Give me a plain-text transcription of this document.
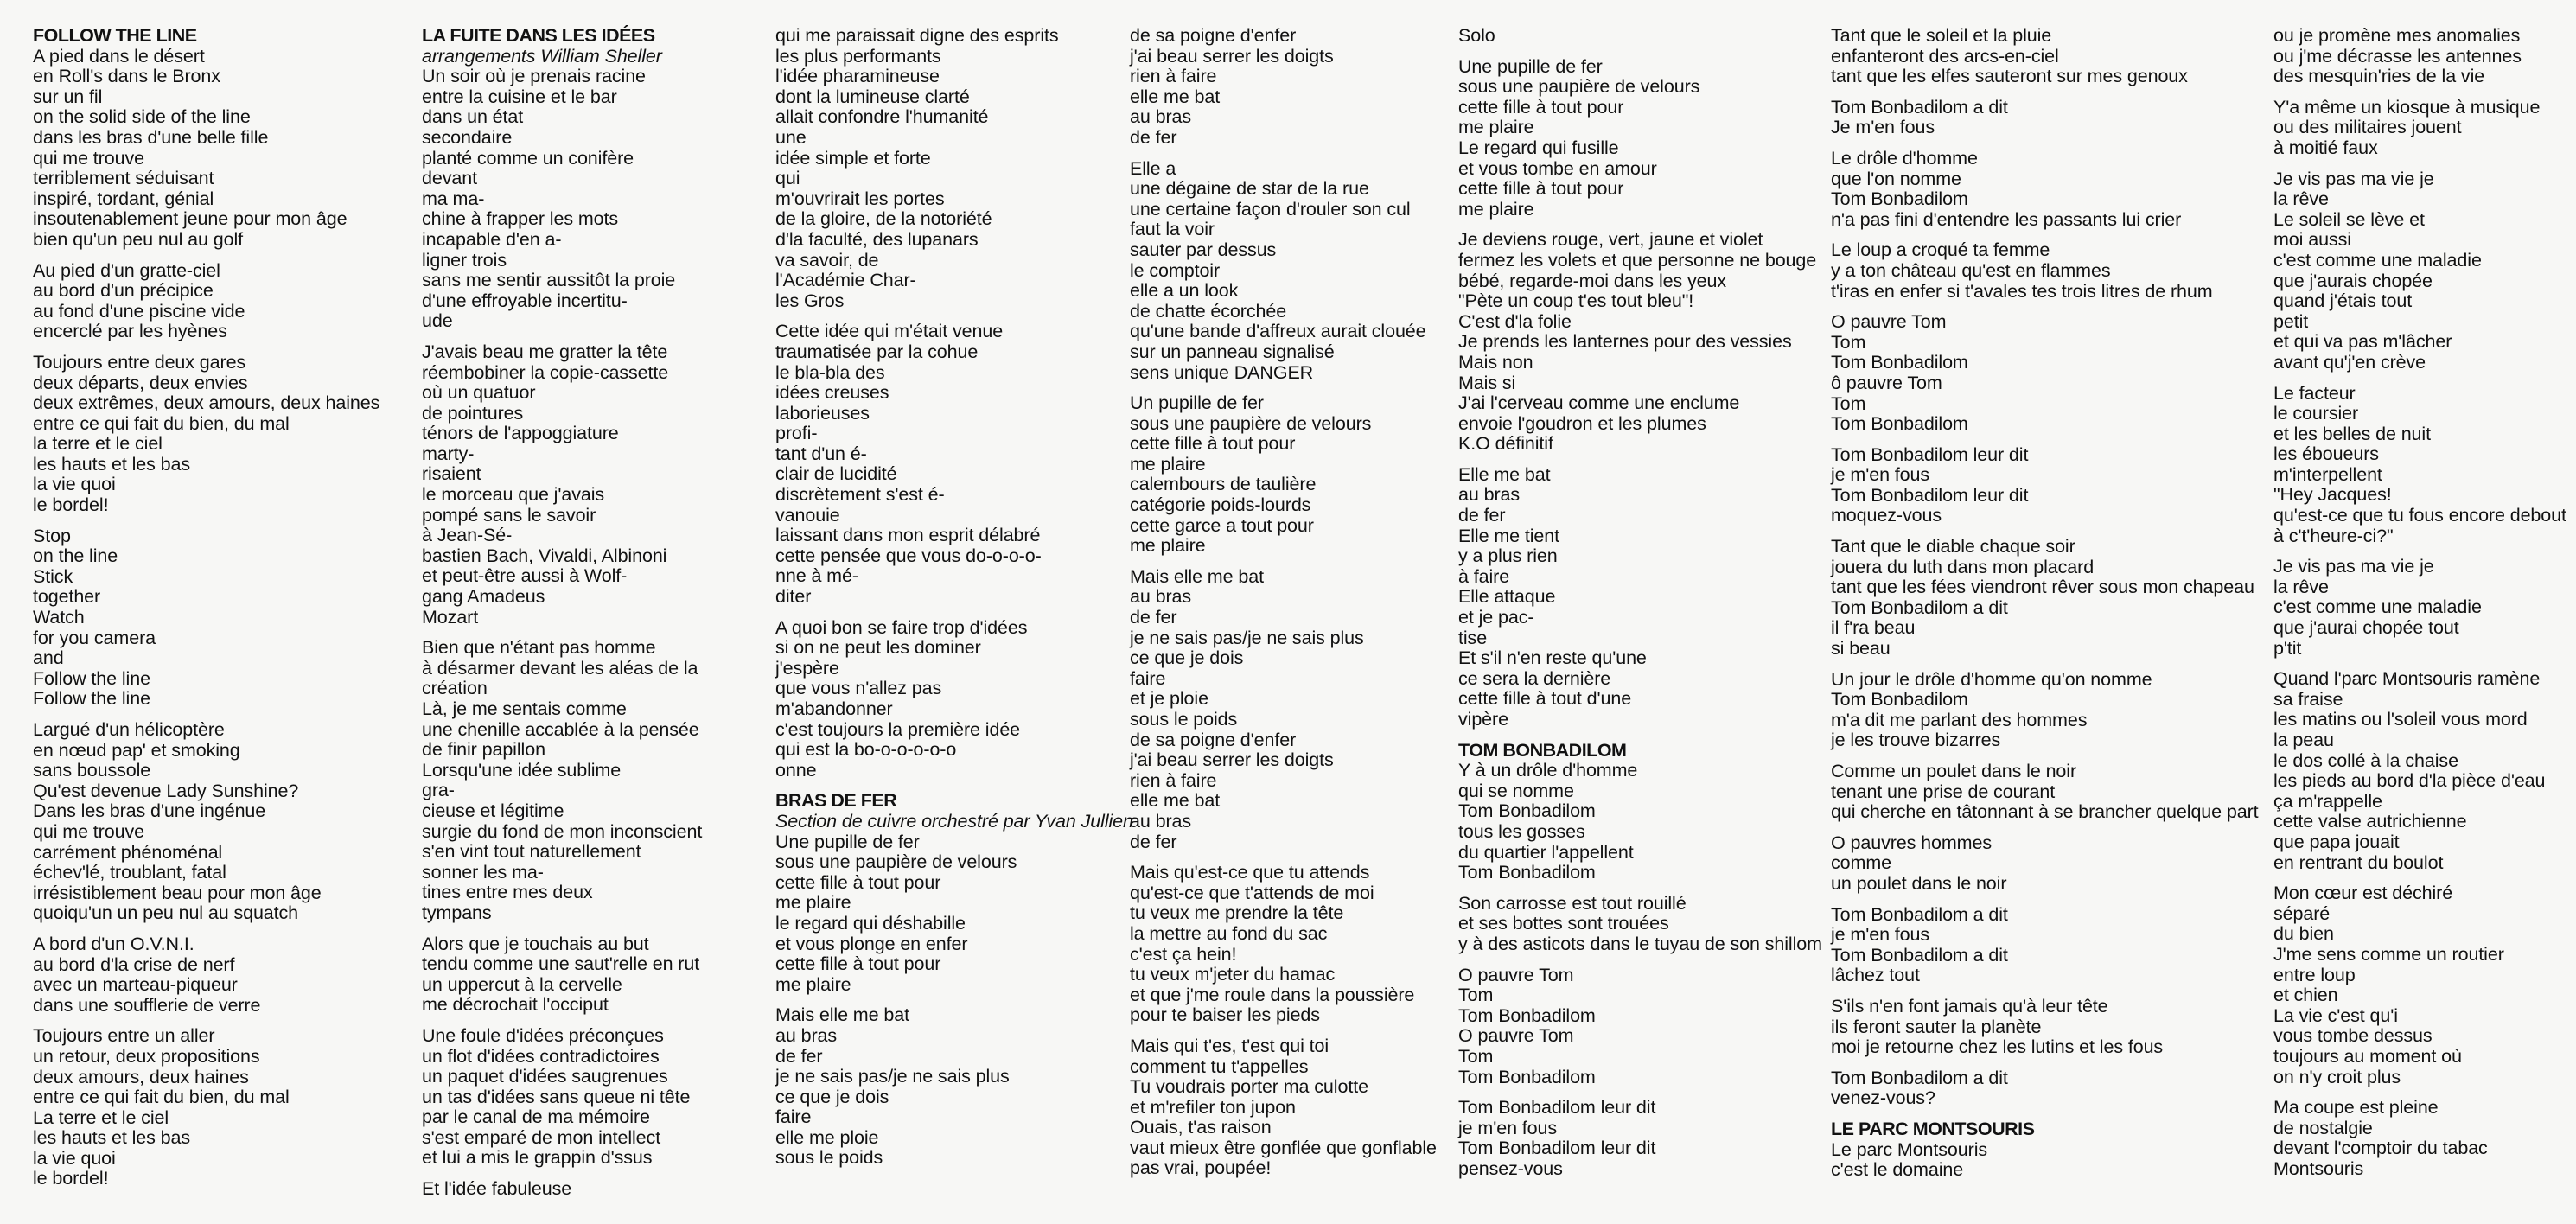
FOLLOW THE LINE
A pied dans le désert
en Roll's dans le Bronx
sur un fil
on the solid side of the line
dans les bras d'une belle fille
qui me trouve
terriblement séduisant
inspiré, tordant, génial
insoutenablement jeune pour mon âge
bien qu'un peu nul au golf
Au pied d'un gratte-ciel
au bord d'un précipice
au fond d'une piscine vide
encerclé par les hyènes
Toujours entre deux gares
deux départs, deux envies
deux extrêmes, deux amours, deux haines
entre ce qui fait du bien, du mal
la terre et le ciel
les hauts et les bas
la vie quoi
le bordel!
Stop
on the line
Stick
together
Watch
for you camera
and
Follow the line
Follow the line
Largué d'un hélicoptère
en nœud pap' et smoking
sans boussole
Qu'est devenue Lady Sunshine?
Dans les bras d'une ingénue
qui me trouve
carrément phénoménal
échev'lé, troublant, fatal
irrésistiblement beau pour mon âge
quoiqu'un un peu nul au squatch
A bord d'un O.V.N.I.
au bord d'la crise de nerf
avec un marteau-piqueur
dans une soufflerie de verre
Toujours entre un aller
un retour, deux propositions
deux amours, deux haines
entre ce qui fait du bien, du mal
La terre et le ciel
les hauts et les bas
la vie quoi
le bordel!
LA FUITE DANS LES IDÉES
arrangements William Sheller
Un soir où je prenais racine
entre la cuisine et le bar
dans un état
secondaire
planté comme un conifère
devant
ma ma-
chine à frapper les mots
incapable d'en a-
ligner trois
sans me sentir aussitôt la proie
d'une effroyable incertitu-
ude
J'avais beau me gratter la tête
réembobiner la copie-cassette
où un quatuor
de pointures
ténors de l'appoggiature
marty-
risaient
le morceau que j'avais
pompé sans le savoir
à Jean-Sé-
bastien Bach, Vivaldi, Albinoni
et peut-être aussi à Wolf-
gang Amadeus
Mozart
Bien que n'étant pas homme
à désarmer devant les aléas de la
création
Là, je me sentais comme
une chenille accablée à la pensée
de finir papillon
Lorsqu'une idée sublime
gra-
cieuse et légitime
surgie du fond de mon inconscient
s'en vint tout naturellement
sonner les ma-
tines entre mes deux
tympans
Alors que je touchais au but
tendu comme une saut'relle en rut
un uppercut à la cervelle
me décrochait l'occiput
Une foule d'idées préconçues
un flot d'idées contradictoires
un paquet d'idées saugrenues
un tas d'idées sans queue ni tête
par le canal de ma mémoire
s'est emparé de mon intellect
et lui a mis le grappin d'ssus
Et l'idée fabuleuse
qui me paraissait digne des esprits
les plus performants
l'idée pharamineuse
dont la lumineuse clarté
allait confondre l'humanité
une
idée simple et forte
qui
m'ouvrirait les portes
de la gloire, de la notoriété
d'la faculté, des lupanars
va savoir, de
l'Académie Char-
les Gros
Cette idée qui m'était venue
traumatisée par la cohue
le bla-bla des
idées creuses
laborieuses
profi-
tant d'un é-
clair de lucidité
discrètement s'est é-
vanouie
laissant dans mon esprit délabré
cette pensée que vous do-o-o-o-
nne à mé-
diter
A quoi bon se faire trop d'idées
si on ne peut les dominer
j'espère
que vous n'allez pas
m'abandonner
c'est toujours la première idée
qui est la bo-o-o-o-o-o
onne
BRAS DE FER
Section de cuivre orchestré par Yvan Jullien
Une pupille de fer
sous une paupière de velours
cette fille à tout pour
me plaire
le regard qui déshabille
et vous plonge en enfer
cette fille à tout pour
me plaire
Mais elle me bat
au bras
de fer
je ne sais pas/je ne sais plus
ce que je dois
faire
elle me ploie
sous le poids
de sa poigne d'enfer
j'ai beau serrer les doigts
rien à faire
elle me bat
au bras
de fer
Elle a
une dégaine de star de la rue
une certaine façon d'rouler son cul
faut la voir
sauter par dessus
le comptoir
elle a un look
de chatte écorchée
qu'une bande d'affreux aurait clouée
sur un panneau signalisé
sens unique DANGER
Un pupille de fer
sous une paupière de velours
cette fille à tout pour
me plaire
calembours de taulière
catégorie poids-lourds
cette garce a tout pour
me plaire
Mais elle me bat
au bras
de fer
je ne sais pas/je ne sais plus
ce que je dois
faire
et je ploie
sous le poids
de sa poigne d'enfer
j'ai beau serrer les doigts
rien à faire
elle me bat
au bras
de fer
Mais qu'est-ce que tu attends
qu'est-ce que t'attends de moi
tu veux me prendre la tête
la mettre au fond du sac
c'est ça hein!
tu veux m'jeter du hamac
et que j'me roule dans la poussière
pour te baiser les pieds
Mais qui t'es, t'est qui toi
comment tu t'appelles
Tu voudrais porter ma culotte
et m'refiler ton jupon
Ouais, t'as raison
vaut mieux être gonflée que gonflable
pas vrai, poupée!
Solo
Une pupille de fer
sous une paupière de velours
cette fille à tout pour
me plaire
Le regard qui fusille
et vous tombe en amour
cette fille à tout pour
me plaire
Je deviens rouge, vert, jaune et violet
fermez les volets et que personne ne bouge
bébé, regarde-moi dans les yeux
"Pète un coup t'es tout bleu"!
C'est d'la folie
Je prends les lanternes pour des vessies
Mais non
Mais si
J'ai l'cerveau comme une enclume
envoie l'goudron et les plumes
K.O définitif
Elle me bat
au bras
de fer
Elle me tient
y a plus rien
à faire
Elle attaque
et je pac-
tise
Et s'il n'en reste qu'une
ce sera la dernière
cette fille à tout d'une
vipère
TOM BONBADILOM
Y à un drôle d'homme
qui se nomme
Tom Bonbadilom
tous les gosses
du quartier l'appellent
Tom Bonbadilom
Son carrosse est tout rouillé
et ses bottes sont trouées
y à des asticots dans le tuyau de son shillom
O pauvre Tom
Tom
Tom Bonbadilom
O pauvre Tom
Tom
Tom Bonbadilom
Tom Bonbadilom leur dit
je m'en fous
Tom Bonbadilom leur dit
pensez-vous
Tant que le soleil et la pluie
enfanteront des arcs-en-ciel
tant que les elfes sauteront sur mes genoux
Tom Bonbadilom a dit
Je m'en fous
Le drôle d'homme
que l'on nomme
Tom Bonbadilom
n'a pas fini d'entendre les passants lui crier
Le loup a croqué ta femme
y a ton château qu'est en flammes
t'iras en enfer si t'avales tes trois litres de rhum
O pauvre Tom
Tom
Tom Bonbadilom
ô pauvre Tom
Tom
Tom Bonbadilom
Tom Bonbadilom leur dit
je m'en fous
Tom Bonbadilom leur dit
moquez-vous
Tant que le diable chaque soir
jouera du luth dans mon placard
tant que les fées viendront rêver sous mon chapeau
Tom Bonbadilom a dit
il f'ra beau
si beau
Un jour le drôle d'homme qu'on nomme
Tom Bonbadilom
m'a dit me parlant des hommes
je les trouve bizarres
Comme un poulet dans le noir
tenant une prise de courant
qui cherche en tâtonnant à se brancher quelque part
O pauvres hommes
comme
un poulet dans le noir
Tom Bonbadilom a dit
je m'en fous
Tom Bonbadilom a dit
lâchez tout
S'ils n'en font jamais qu'à leur tête
ils feront sauter la planète
moi je retourne chez les lutins et les fous
Tom Bonbadilom a dit
venez-vous?
LE PARC MONTSOURIS
Le parc Montsouris
c'est le domaine
ou je promène mes anomalies
ou j'me décrasse les antennes
des mesquin'ries de la vie
Y'a même un kiosque à musique
ou des militaires jouent
à moitié faux
Je vis pas ma vie je
la rêve
Le soleil se lève et
moi aussi
c'est comme une maladie
que j'aurais chopée
quand j'étais tout
petit
et qui va pas m'lâcher
avant qu'j'en crève
Le facteur
le coursier
et les belles de nuit
les éboueurs
m'interpellent
"Hey Jacques!
qu'est-ce que tu fous encore debout
à c't'heure-ci?"
Je vis pas ma vie je
la rêve
c'est comme une maladie
que j'aurai chopée tout
p'tit
Quand l'parc Montsouris ramène
sa fraise
les matins ou l'soleil vous mord
la peau
le dos collé à la chaise
les pieds au bord d'la pièce d'eau
ça m'rappelle
cette valse autrichienne
que papa jouait
en rentrant du boulot
Mon cœur est déchiré
séparé
du bien
J'me sens comme un routier
entre loup
et chien
La vie c'est qu'i
vous tombe dessus
toujours au moment où
on n'y croit plus
Ma coupe est pleine
de nostalgie
devant l'comptoir du tabac
Montsouris
